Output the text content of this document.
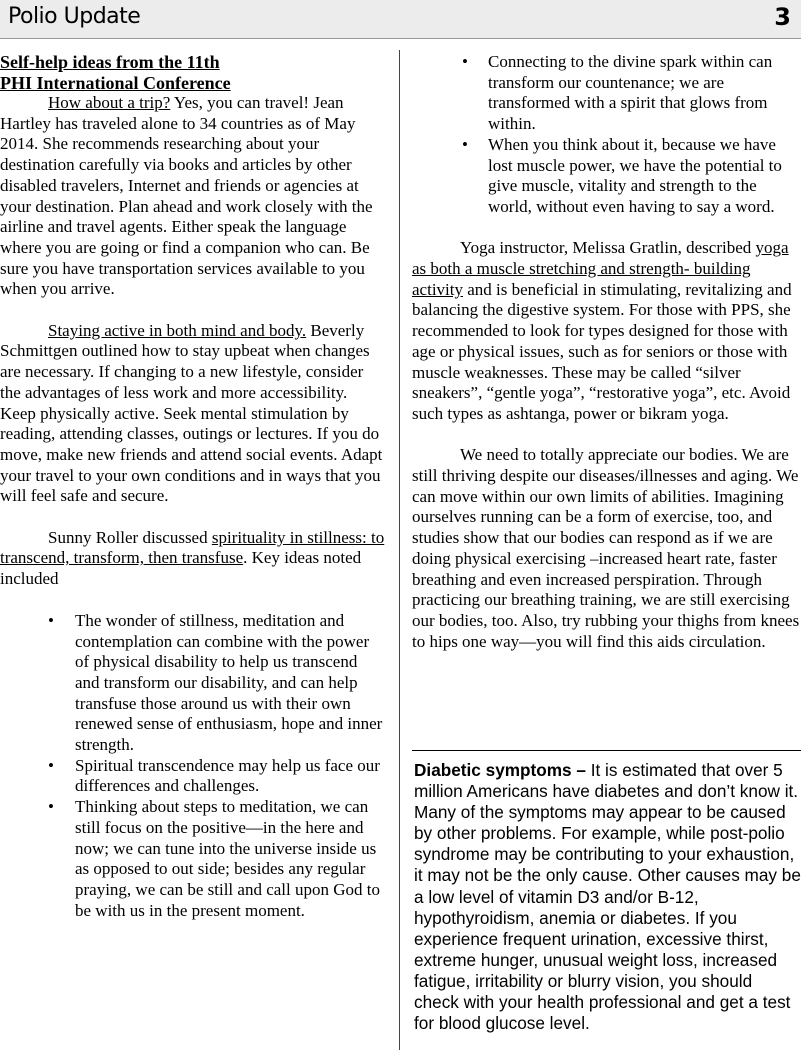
Polio Update	3
Self-help ideas from the 11th
PHI International Conference

How about a trip? Yes, you can travel! Jean Hartley has traveled alone to 34 countries as of May 2014. She recommends researching about your destination carefully via books and articles by other disabled travelers, Internet and friends or agencies at your destination. Plan ahead and work closely with the airline and travel agents. Either speak the language where you are going or find a companion who can. Be sure you have transportation services available to you when you arrive.

Staying active in both mind and body. Beverly Schmittgen outlined how to stay upbeat when changes are necessary. If changing to a new lifestyle, consider the advantages of less work and more accessibility. Keep physically active. Seek mental stimulation by reading, attending classes, outings or lectures. If you do move, make new friends and attend social events. Adapt your travel to your own conditions and in ways that you will feel safe and secure.

Sunny Roller discussed spirituality in stillness: to transcend, transform, then transfuse. Key ideas noted included

• The wonder of stillness, meditation and contemplation can combine with the power of physical disability to help us transcend and transform our disability, and can help transfuse those around us with their own renewed sense of enthusiasm, hope and inner strength.
• Spiritual transcendence may help us face our differences and challenges.
• Thinking about steps to meditation, we can still focus on the positive—in the here and now; we can tune into the universe inside us as opposed to out side; besides any regular praying, we can be still and call upon God to be with us in the present moment.
• Connecting to the divine spark within can transform our countenance; we are transformed with a spirit that glows from within.
• When you think about it, because we have lost muscle power, we have the potential to give muscle, vitality and strength to the world, without even having to say a word.

Yoga instructor, Melissa Gratlin, described yoga as both a muscle stretching and strength- building activity and is beneficial in stimulating, revitalizing and balancing the digestive system. For those with PPS, she recommended to look for types designed for those with age or physical issues, such as for seniors or those with muscle weaknesses. These may be called “silver sneakers”, “gentle yoga”, “restorative yoga”, etc. Avoid such types as ashtanga, power or bikram yoga.

We need to totally appreciate our bodies. We are still thriving despite our diseases/illnesses and aging. We can move within our own limits of abilities. Imagining ourselves running can be a form of exercise, too, and studies show that our bodies can respond as if we are doing physical exercising –increased heart rate, faster breathing and even increased perspiration. Through practicing our breathing training, we are still exercising our bodies, too. Also, try rubbing your thighs from knees to hips one way—you will find this aids circulation.

Diabetic symptoms – It is estimated that over 5 million Americans have diabetes and don’t know it. Many of the symptoms may appear to be caused by other problems. For example, while post-polio syndrome may be contributing to your exhaustion, it may not be the only cause. Other causes may be a low level of vitamin D3 and/or B-12, hypothyroidism, anemia or diabetes. If you experience frequent urination, excessive thirst, extreme hunger, unusual weight loss, increased fatigue, irritability or blurry vision, you should check with your health professional and get a test for blood glucose level.
